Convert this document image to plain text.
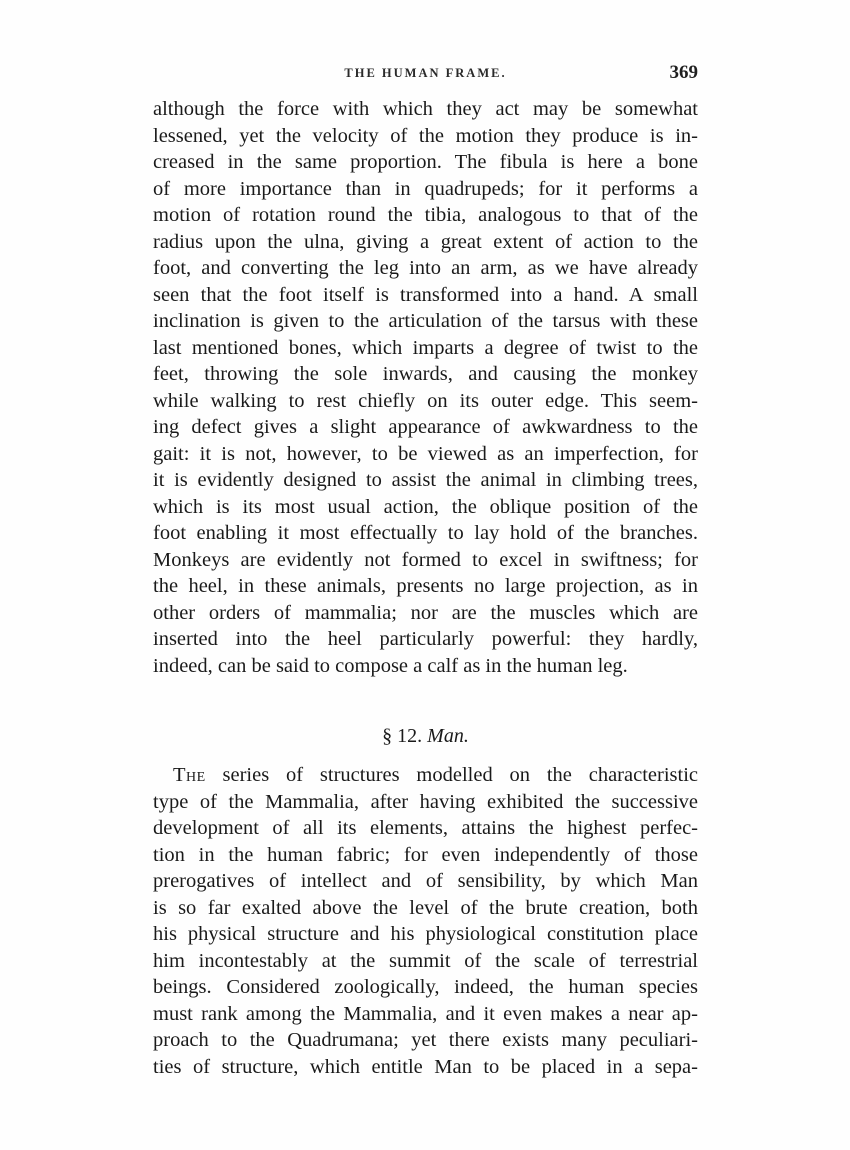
THE HUMAN FRAME.	369
although the force with which they act may be somewhat
lessened, yet the velocity of the motion they produce is in-
creased in the same proportion. The fibula is here a bone
of more importance than in quadrupeds; for it performs a
motion of rotation round the tibia, analogous to that of the
radius upon the ulna, giving a great extent of action to the
foot, and converting the leg into an arm, as we have already
seen that the foot itself is transformed into a hand. A small
inclination is given to the articulation of the tarsus with these
last mentioned bones, which imparts a degree of twist to the
feet, throwing the sole inwards, and causing the monkey
while walking to rest chiefly on its outer edge. This seem-
ing defect gives a slight appearance of awkwardness to the
gait: it is not, however, to be viewed as an imperfection, for
it is evidently designed to assist the animal in climbing trees,
which is its most usual action, the oblique position of the
foot enabling it most effectually to lay hold of the branches.
Monkeys are evidently not formed to excel in swiftness; for
the heel, in these animals, presents no large projection, as in
other orders of mammalia; nor are the muscles which are
inserted into the heel particularly powerful: they hardly,
indeed, can be said to compose a calf as in the human leg.
§ 12. Man.
The series of structures modelled on the characteristic
type of the Mammalia, after having exhibited the successive
development of all its elements, attains the highest perfec-
tion in the human fabric; for even independently of those
prerogatives of intellect and of sensibility, by which Man
is so far exalted above the level of the brute creation, both
his physical structure and his physiological constitution place
him incontestably at the summit of the scale of terrestrial
beings. Considered zoologically, indeed, the human species
must rank among the Mammalia, and it even makes a near ap-
proach to the Quadrumana; yet there exists many peculiari-
ties of structure, which entitle Man to be placed in a sepa-
